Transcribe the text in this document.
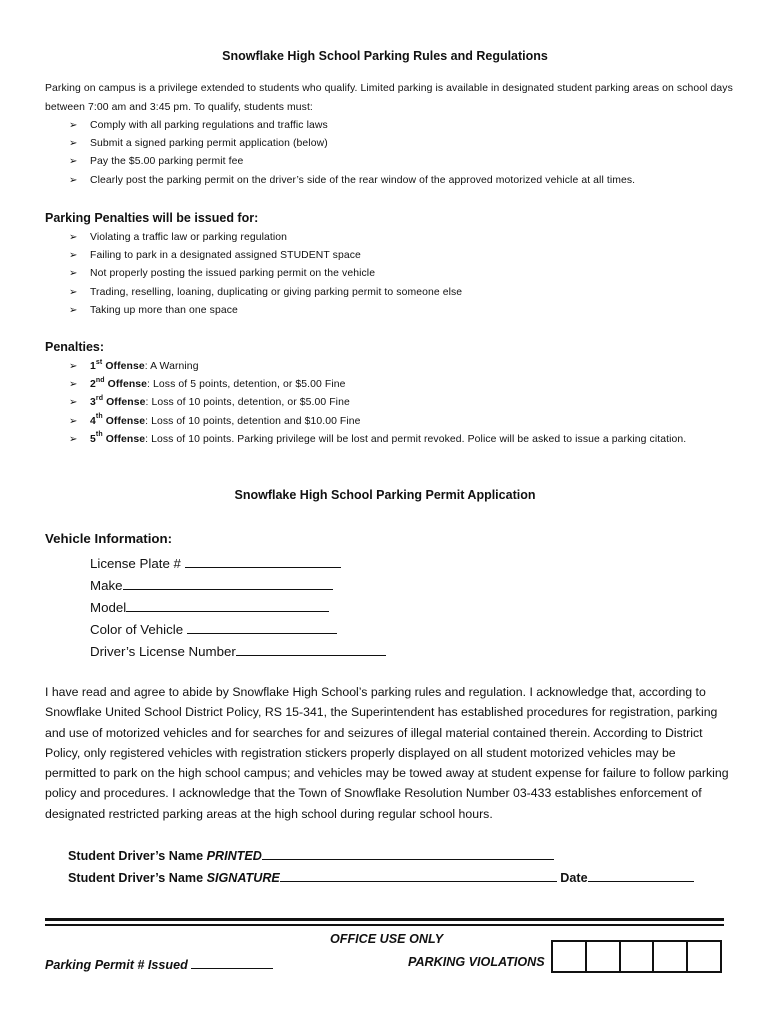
Snowflake High School Parking Rules and Regulations
Parking on campus is a privilege extended to students who qualify. Limited parking is available in designated student parking areas on school days between 7:00 am and 3:45 pm. To qualify, students must:
➢ Comply with all parking regulations and traffic laws
➢ Submit a signed parking permit application (below)
➢ Pay the $5.00 parking permit fee
➢ Clearly post the parking permit on the driver’s side of the rear window of the approved motorized vehicle at all times.
Parking Penalties will be issued for:
➢ Violating a traffic law or parking regulation
➢ Failing to park in a designated assigned STUDENT space
➢ Not properly posting the issued parking permit on the vehicle
➢ Trading, reselling, loaning, duplicating or giving parking permit to someone else
➢ Taking up more than one space
Penalties:
➢ 1st Offense: A Warning
➢ 2nd Offense: Loss of 5 points, detention, or $5.00 Fine
➢ 3rd Offense: Loss of 10 points, detention, or $5.00 Fine
➢ 4th Offense: Loss of 10 points, detention and $10.00 Fine
➢ 5th Offense: Loss of 10 points. Parking privilege will be lost and permit revoked. Police will be asked to issue a parking citation.
Snowflake High School Parking Permit Application
Vehicle Information:
License Plate #
Make
Model
Color of Vehicle
Driver’s License Number
I have read and agree to abide by Snowflake High School’s parking rules and regulation. I acknowledge that, according to Snowflake United School District Policy, RS 15-341, the Superintendent has established procedures for registration, parking and use of motorized vehicles and for searches for and seizures of illegal material contained therein. According to District Policy, only registered vehicles with registration stickers properly displayed on all student motorized vehicles may be permitted to park on the high school campus; and vehicles may be towed away at student expense for failure to follow parking policy and procedures. I acknowledge that the Town of Snowflake Resolution Number 03-433 establishes enforcement of designated restricted parking areas at the high school during regular school hours.
Student Driver’s Name PRINTED
Student Driver’s Name SIGNATURE	Date
OFFICE USE ONLY
Parking Permit # Issued	PARKING VIOLATIONS
